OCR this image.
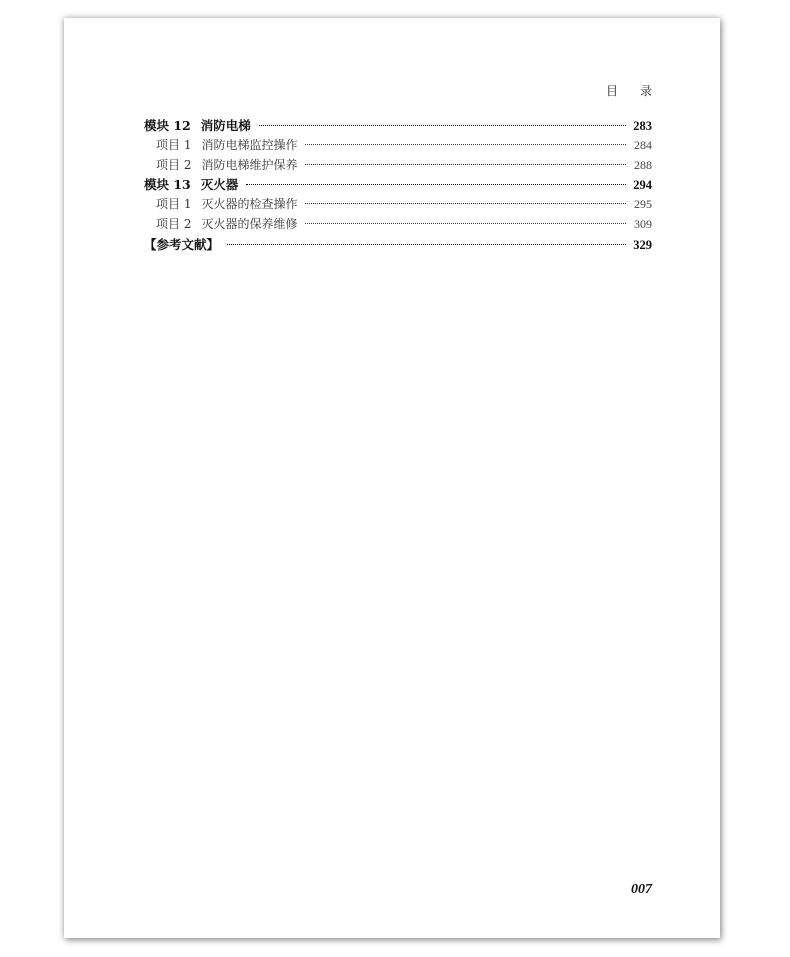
目 录
模块 12 消防电梯	283
项目 1 消防电梯监控操作	284
项目 2 消防电梯维护保养	288
模块 13 灭火器	294
项目 1 灭火器的检查操作	295
项目 2 灭火器的保养维修	309
【参考文献】	329
007
